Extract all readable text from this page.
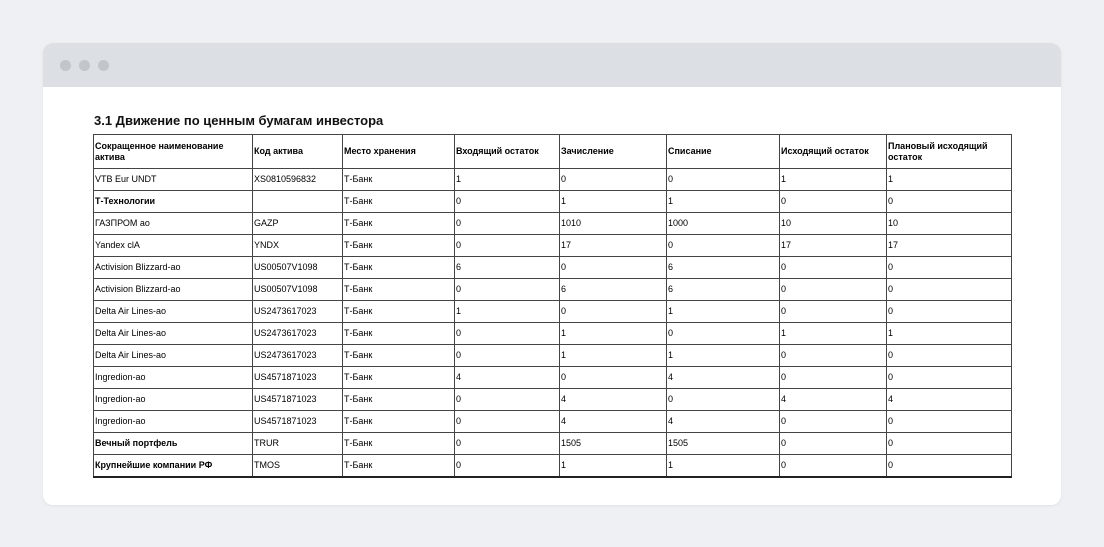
3.1 Движение по ценным бумагам инвестора
Сокращенное наименование актива	Код актива	Место хранения	Входящий остаток	Зачисление	Списание	Исходящий остаток	Плановый исходящий остаток
VTB Eur UNDT	XS0810596832	Т-Банк	1	0	0	1	1
Т-Технологии		Т-Банк	0	1	1	0	0
ГАЗПРОМ ао	GAZP	Т-Банк	0	1010	1000	10	10
Yandex clA	YNDX	Т-Банк	0	17	0	17	17
Activision Blizzard-ao	US00507V1098	Т-Банк	6	0	6	0	0
Activision Blizzard-ao	US00507V1098	Т-Банк	0	6	6	0	0
Delta Air Lines-ao	US2473617023	Т-Банк	1	0	1	0	0
Delta Air Lines-ao	US2473617023	Т-Банк	0	1	0	1	1
Delta Air Lines-ao	US2473617023	Т-Банк	0	1	1	0	0
Ingredion-ao	US4571871023	Т-Банк	4	0	4	0	0
Ingredion-ao	US4571871023	Т-Банк	0	4	0	4	4
Ingredion-ao	US4571871023	Т-Банк	0	4	4	0	0
Вечный портфель	TRUR	Т-Банк	0	1505	1505	0	0
Крупнейшие компании РФ	TMOS	Т-Банк	0	1	1	0	0
